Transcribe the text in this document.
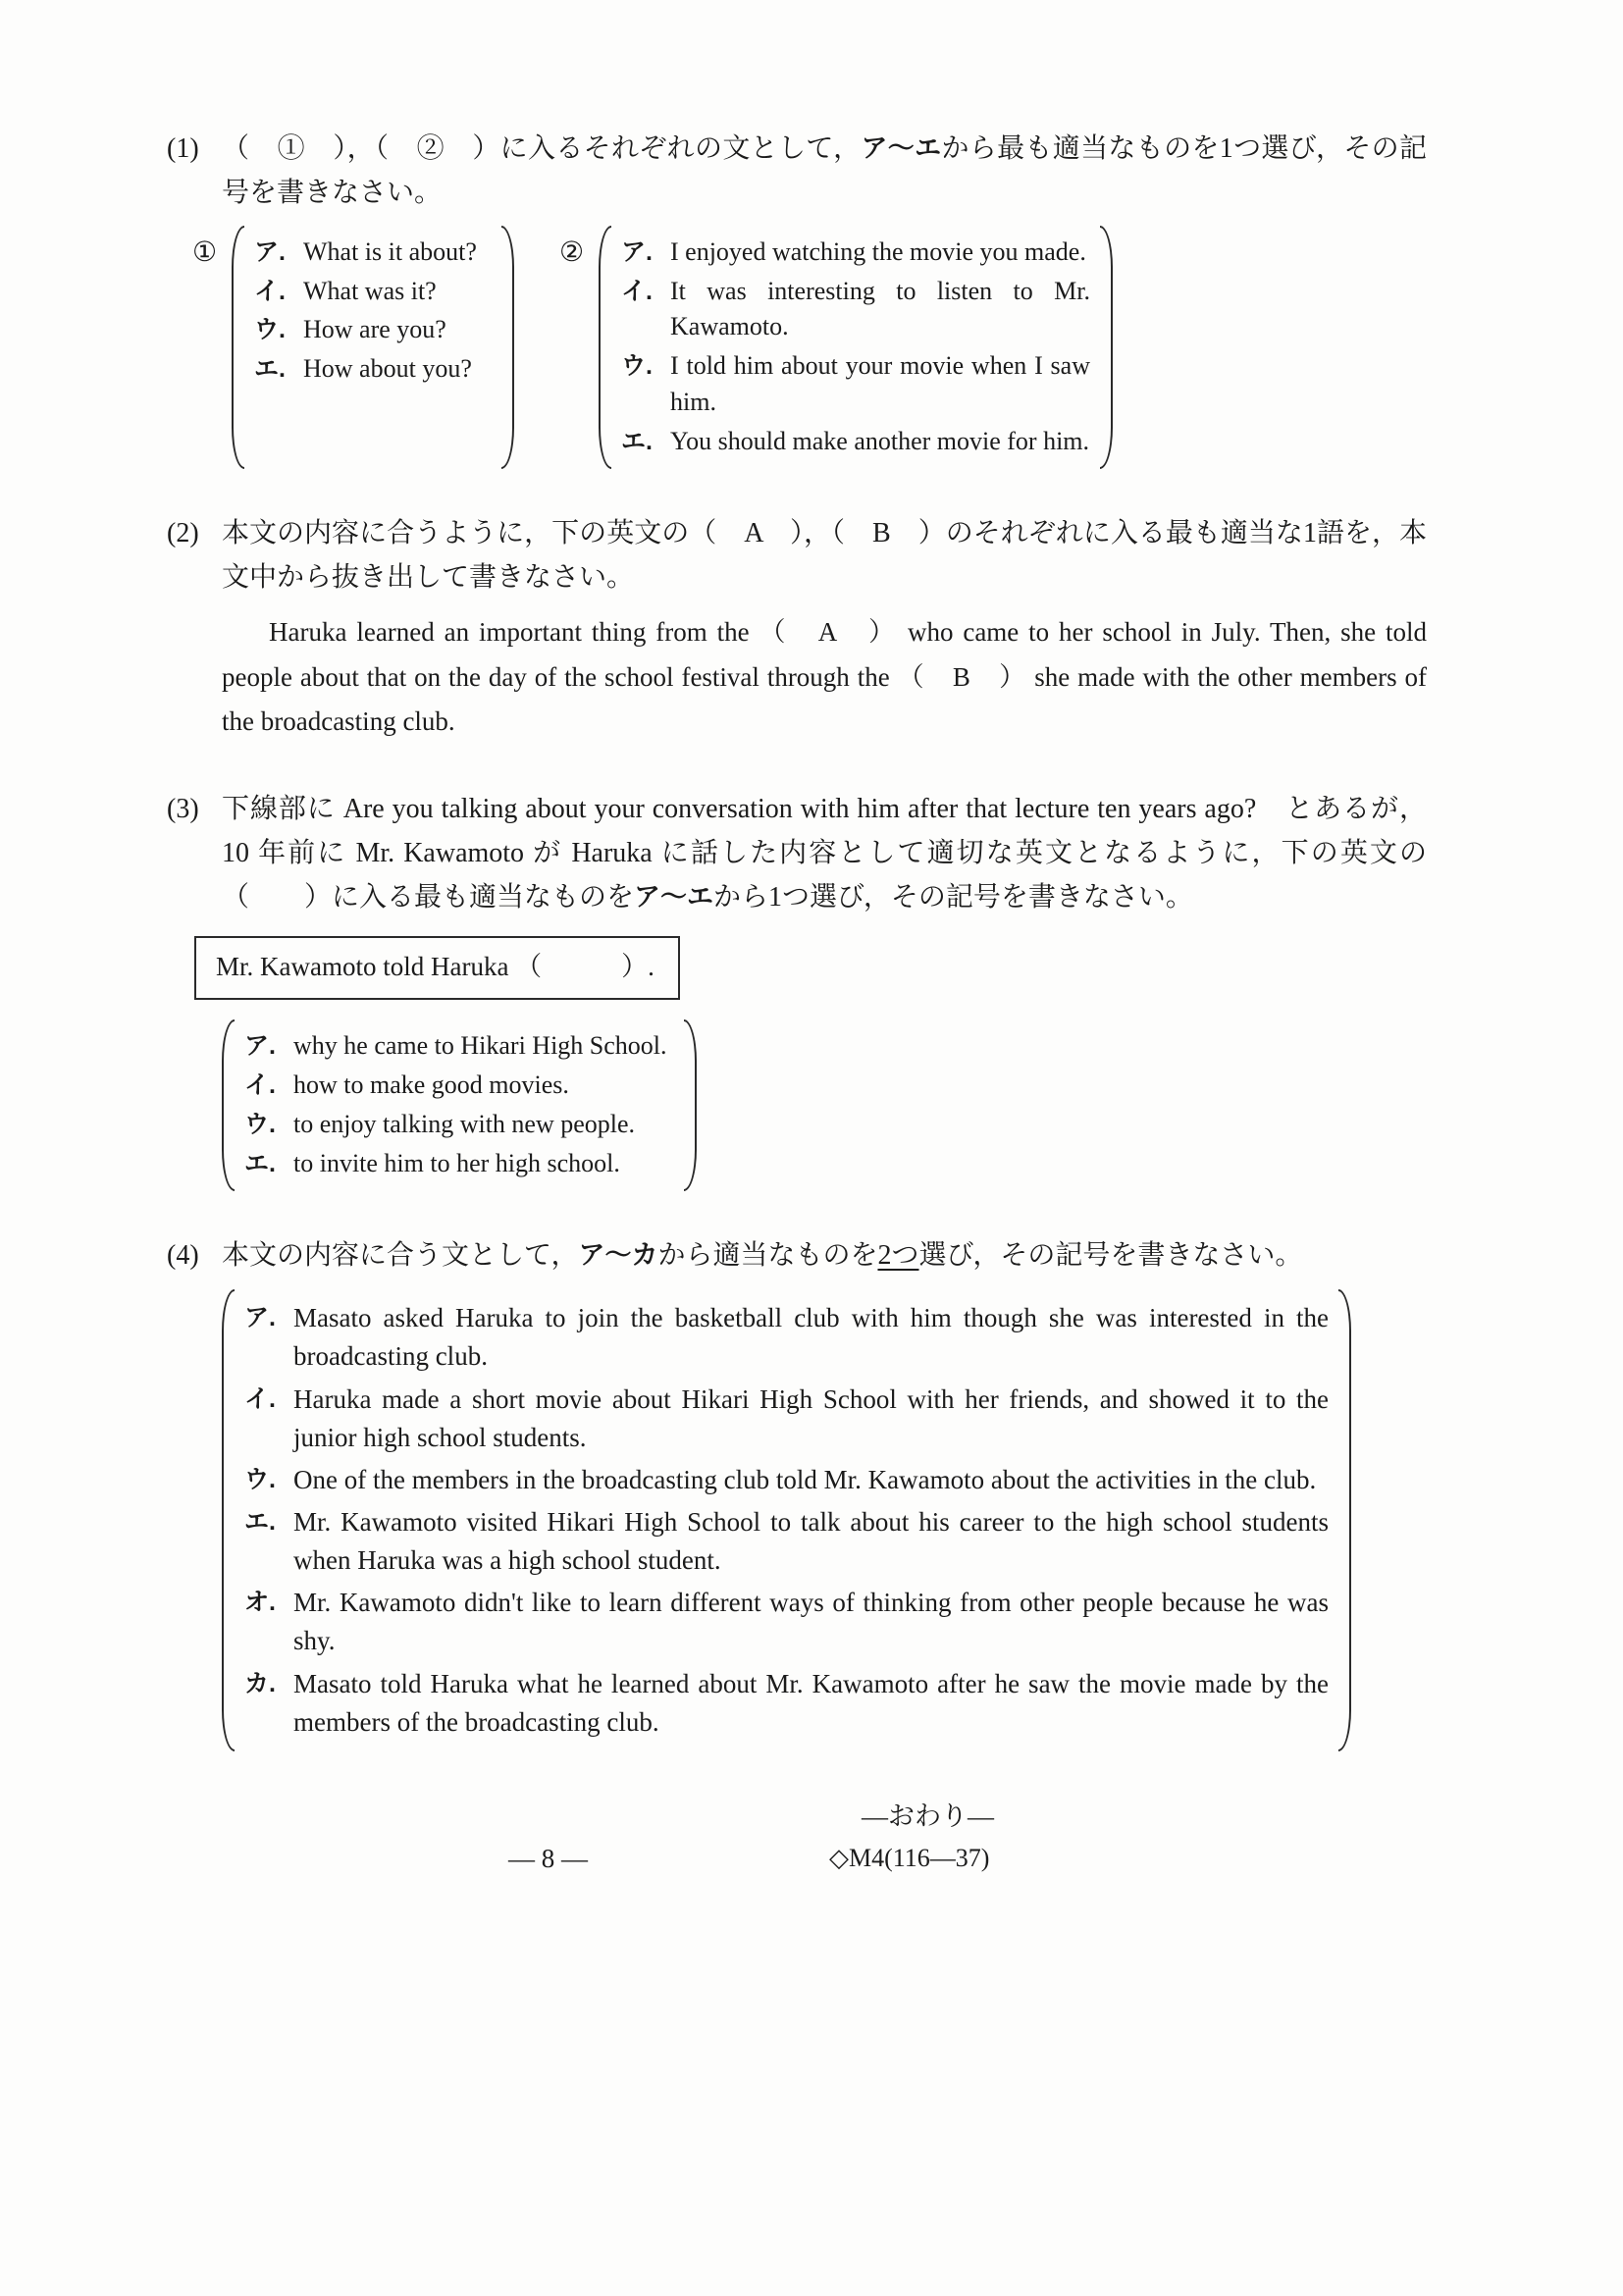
(1) （　①　），（　②　）に入るそれぞれの文として，ア～エから最も適当なものを1つ選び，その記号を書きなさい。

①	ア. What is it about?
イ. What was it?
ウ. How are you?
エ. How about you?
②	ア. I enjoyed watching the movie you made.
イ. It was interesting to listen to Mr. Kawamoto.
ウ. I told him about your movie when I saw him.
エ. You should make another movie for him.
(2) 本文の内容に合うように，下の英文の（　A　），（　B　）のそれぞれに入る最も適当な1語を，本文中から抜き出して書きなさい。

Haruka learned an important thing from the （　A　） who came to her school in July. Then, she told people about that on the day of the school festival through the （　B　） she made with the other members of the broadcasting club.

(3) 下線部に Are you talking about your conversation with him after that lecture ten years ago?　とあるが，10 年前に Mr. Kawamoto が Haruka に話した内容として適切な英文となるように，下の英文の（　　）に入る最も適当なものをア～エから1つ選び，その記号を書きなさい。

Mr. Kawamoto told Haruka （　　　）.
ア. why he came to Hikari High School.
イ. how to make good movies.
ウ. to enjoy talking with new people.
エ. to invite him to her high school.
(4) 本文の内容に合う文として，ア～カから適当なものを2つ選び，その記号を書きなさい。

ア. Masato asked Haruka to join the basketball club with him though she was interested in the broadcasting club.
イ. Haruka made a short movie about Hikari High School with her friends, and showed it to the junior high school students.
ウ. One of the members in the broadcasting club told Mr. Kawamoto about the activities in the club.
エ. Mr. Kawamoto visited Hikari High School to talk about his career to the high school students when Haruka was a high school student.
オ. Mr. Kawamoto didn't like to learn different ways of thinking from other people because he was shy.
カ. Masato told Haruka what he learned about Mr. Kawamoto after he saw the movie made by the members of the broadcasting club.
—おわり—
— 8 —	◇M4(116—37)
